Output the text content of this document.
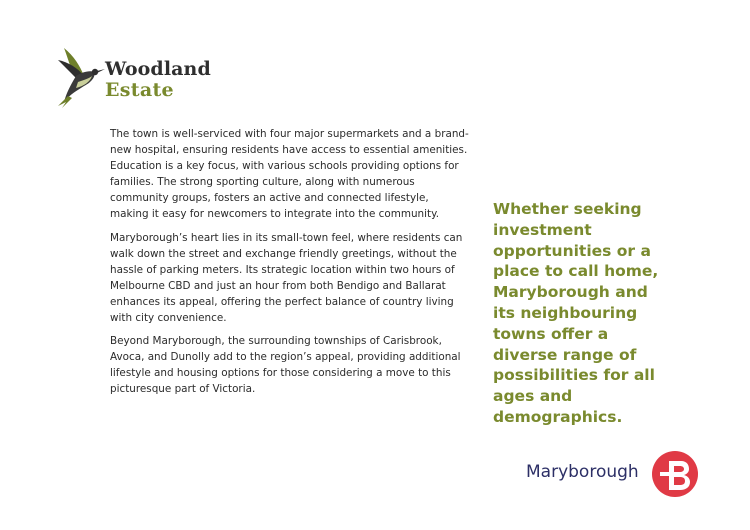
Woodland
Estate

The town is well-serviced with four major supermarkets and a brand-new hospital, ensuring residents have access to essential amenities. Education is a key focus, with various schools providing options for families. The strong sporting culture, along with numerous community groups, fosters an active and connected lifestyle, making it easy for newcomers to integrate into the community.

Maryborough’s heart lies in its small-town feel, where residents can walk down the street and exchange friendly greetings, without the hassle of parking meters. Its strategic location within two hours of Melbourne CBD and just an hour from both Bendigo and Ballarat enhances its appeal, offering the perfect balance of country living with city convenience.

Beyond Maryborough, the surrounding townships of Carisbrook, Avoca, and Dunolly add to the region’s appeal, providing additional lifestyle and housing options for those considering a move to this picturesque part of Victoria.

Whether seeking investment opportunities or a place to call home, Maryborough and its neighbouring towns offer a diverse range of possibilities for all ages and demographics.
Maryborough
